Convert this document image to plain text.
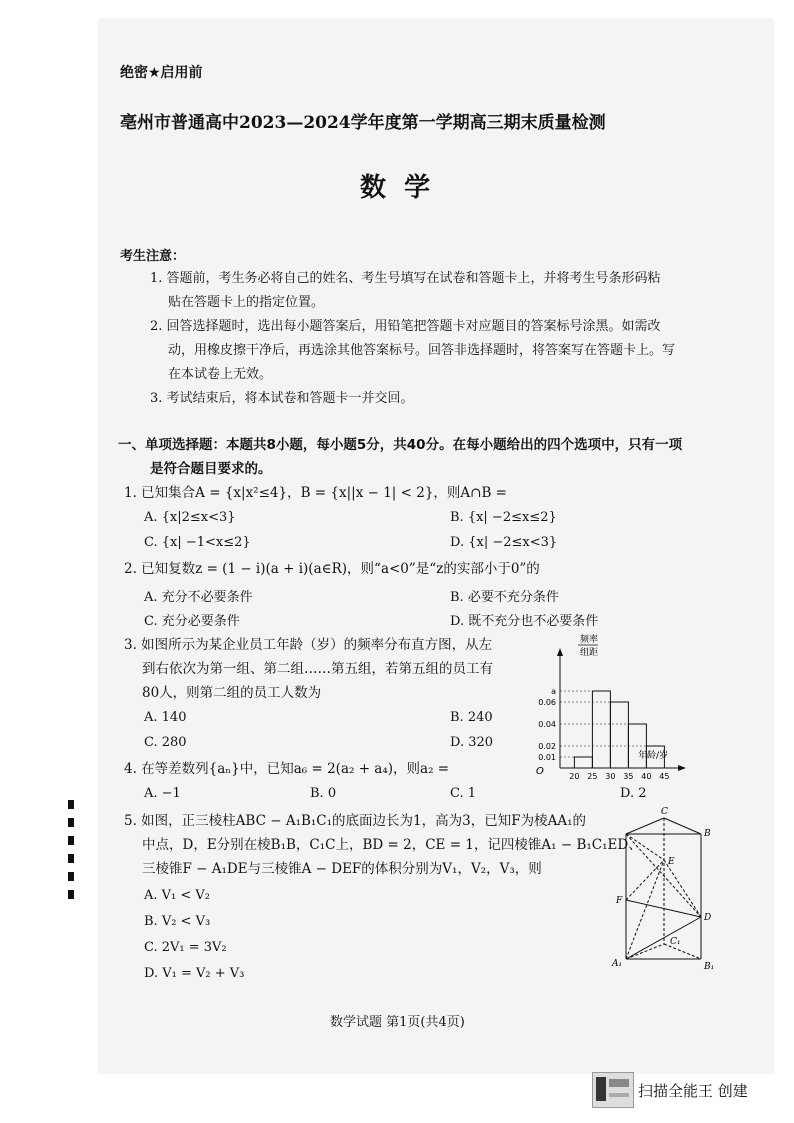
绝密★启用前
亳州市普通高中2023—2024学年度第一学期高三期末质量检测
数  学
考生注意：
1. 答题前，考生务必将自己的姓名、考生号填写在试卷和答题卡上，并将考生号条形码粘
贴在答题卡上的指定位置。
2. 回答选择题时，选出每小题答案后，用铅笔把答题卡对应题目的答案标号涂黑。如需改
动，用橡皮擦干净后，再选涂其他答案标号。回答非选择题时，将答案写在答题卡上。写
在本试卷上无效。
3. 考试结束后，将本试卷和答题卡一并交回。
一、单项选择题：本题共8小题，每小题5分，共40分。在每小题给出的四个选项中，只有一项
是符合题目要求的。
1. 已知集合A = {x|x²≤4}，B = {x||x − 1| < 2}，则A∩B =
A. {x|2≤x<3}	B. {x| −2≤x≤2}
C. {x| −1<x≤2}	D. {x| −2≤x<3}
2. 已知复数z = (1 − i)(a + i)(a∈R)，则“a<0”是“z的实部小于0”的
A. 充分不必要条件	B. 必要不充分条件
C. 充分必要条件	D. 既不充分也不必要条件
3. 如图所示为某企业员工年龄（岁）的频率分布直方图，从左
到右依次为第一组、第二组……第五组，若第五组的员工有
80人，则第二组的员工人数为
A. 140	B. 240
C. 280	D. 320
频率
组距
a
0.06
0.04
0.02
0.01
20 25 30 35 40 45
年龄/岁
O
4. 在等差数列{aₙ}中，已知a₆ = 2(a₂ + a₄)，则a₂ =
A. −1	B. 0	C. 1	D. 2
5. 如图，正三棱柱ABC − A₁B₁C₁的底面边长为1，高为3，已知F为棱AA₁的
中点，D，E分别在棱B₁B，C₁C上，BD = 2，CE = 1，记四棱锥A₁ − B₁C₁ED、
三棱锥F − A₁DE与三棱锥A − DEF的体积分别为V₁，V₂，V₃，则
A. V₁ < V₂
B. V₂ < V₃
C. 2V₁ = 3V₂
D. V₁ = V₂ + V₃
C
B
E
F
D
C₁
A₁	B₁
数学试题 第1页(共4页)
扫描全能王 创建
